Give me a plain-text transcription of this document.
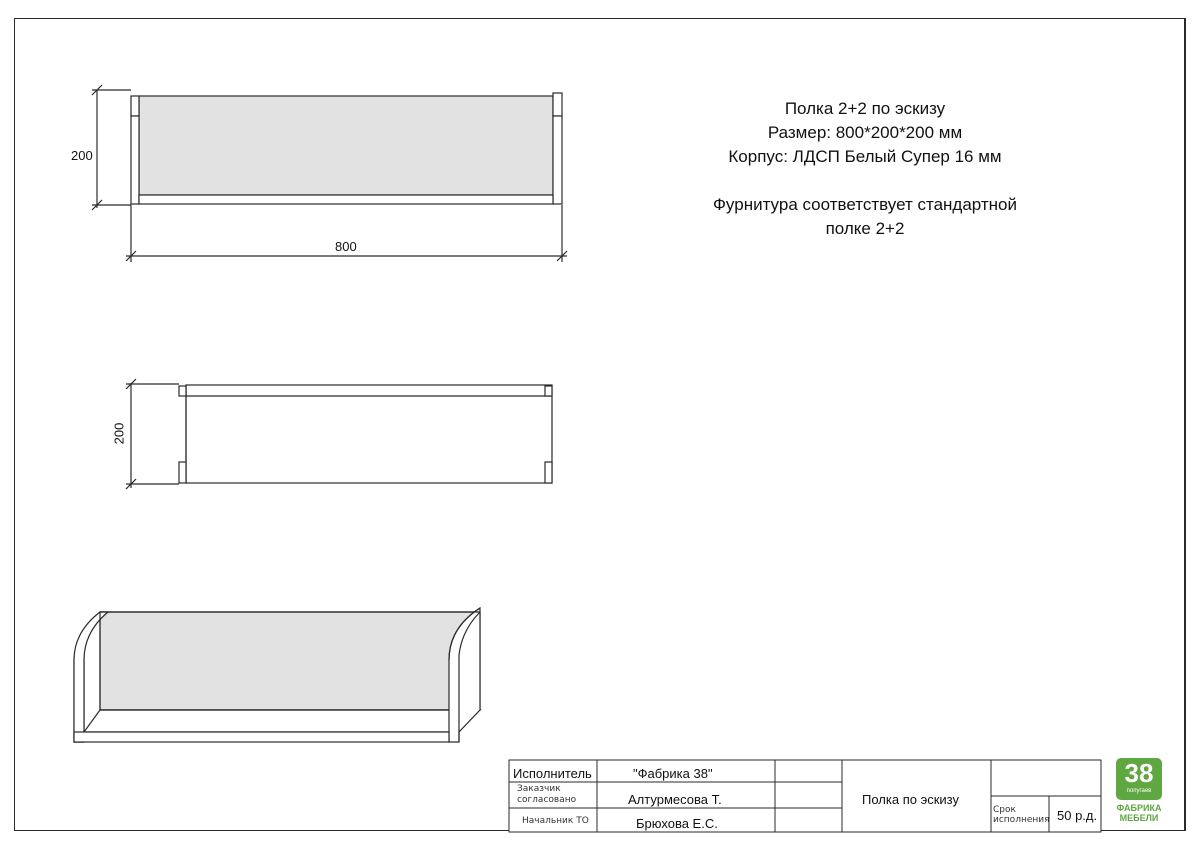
Полка 2+2 по эскизу
Размер: 800*200*200 мм
Корпус: ЛДСП Белый Супер 16 мм
Фурнитура соответствует стандартной
полке 2+2
200
800
200
Исполнитель	"Фабрика 38"
Заказчик
согласовано	Алтурмесова Т.
Начальник ТО	Брюхова Е.С.
Полка по эскизу
Срок
исполнения 50 р.д.
38
попугаев
ФАБРИКА
МЕБЕЛИ
